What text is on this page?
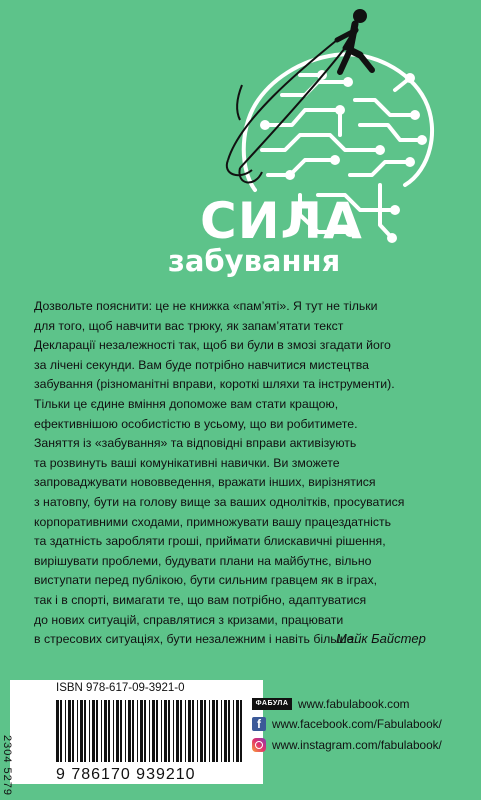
СИЛА
забування
Дозвольте пояснити: це не книжка «пам’яті». Я тут не тільки
для того, щоб навчити вас трюку, як запам’ятати текст
Декларації незалежності так, щоб ви були в змозі згадати його
за лічені секунди. Вам буде потрібно навчитися мистецтва
забування (різноманітні вправи, короткі шляхи та інструменти).
Тільки це єдине вміння допоможе вам стати кращою,
ефективнішою особистістю в усьому, що ви робитимете.
Заняття із «забування» та відповідні вправи активізують
та розвинуть ваші комунікативні навички. Ви зможете
запроваджувати нововведення, вражати інших, вирізнятися
з натовпу, бути на голову вище за ваших однолітків, просуватися
корпоративними сходами, примножувати вашу працездатність
та здатність заробляти гроші, приймати блискавичні рішення,
вирішувати проблеми, будувати плани на майбутнє, вільно
виступати перед публікою, бути сильним гравцем як в іграх,
так і в спорті, вимагати те, що вам потрібно, адаптуватися
до нових ситуацій, справлятися з кризами, працювати
в стресових ситуаціях, бути незалежним і навіть більше.
Майк Байстер
ISBN 978-617-09-3921-0
9 786170 939210
2304 5279
ФАБУЛА www.fabulabook.com
f www.facebook.com/Fabulabook/
www.instagram.com/fabulabook/
